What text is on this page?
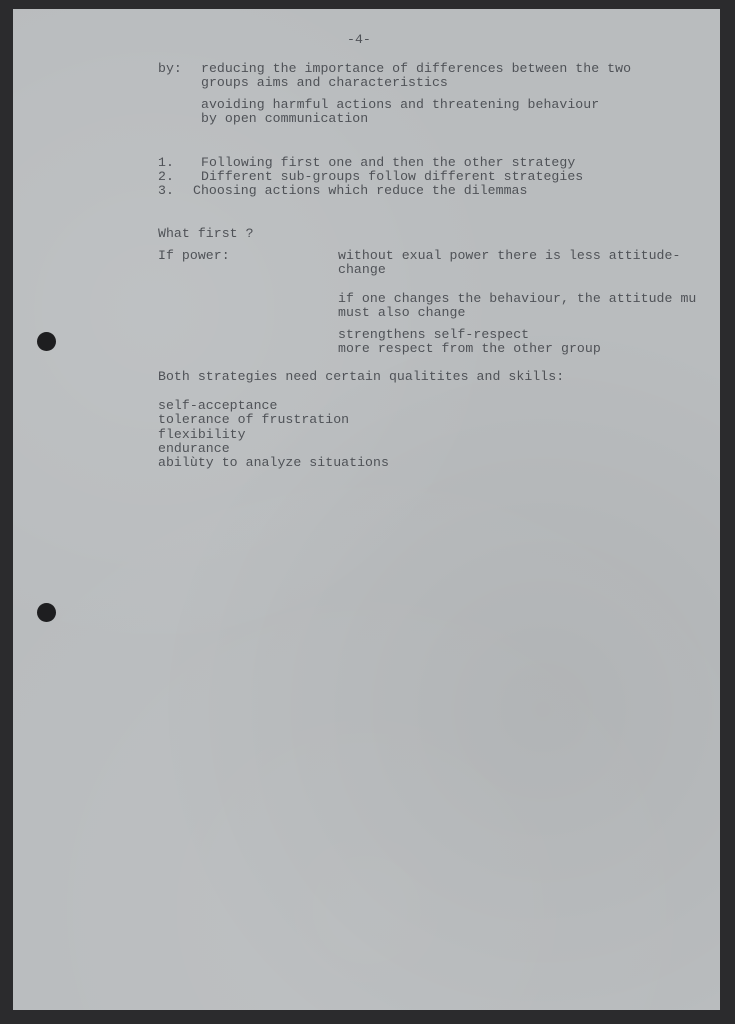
-4-

by: reducing the importance of differences between the two

groups aims and characteristics

avoiding harmful actions and threatening behaviour

by open communication

1. Following first one and then the other strategy

2. Different sub-groups follow different strategies

3. Choosing actions which reduce the dilemmas

What first ?

If power:	without exual power there is less attitude-

change

if one changes the behaviour, the attitude mu

must also change

strengthens self-respect

more respect from the other group

Both strategies need certain qualitites and skills:

self-acceptance

tolerance of frustration

flexibility

endurance

abilùty to analyze situations
